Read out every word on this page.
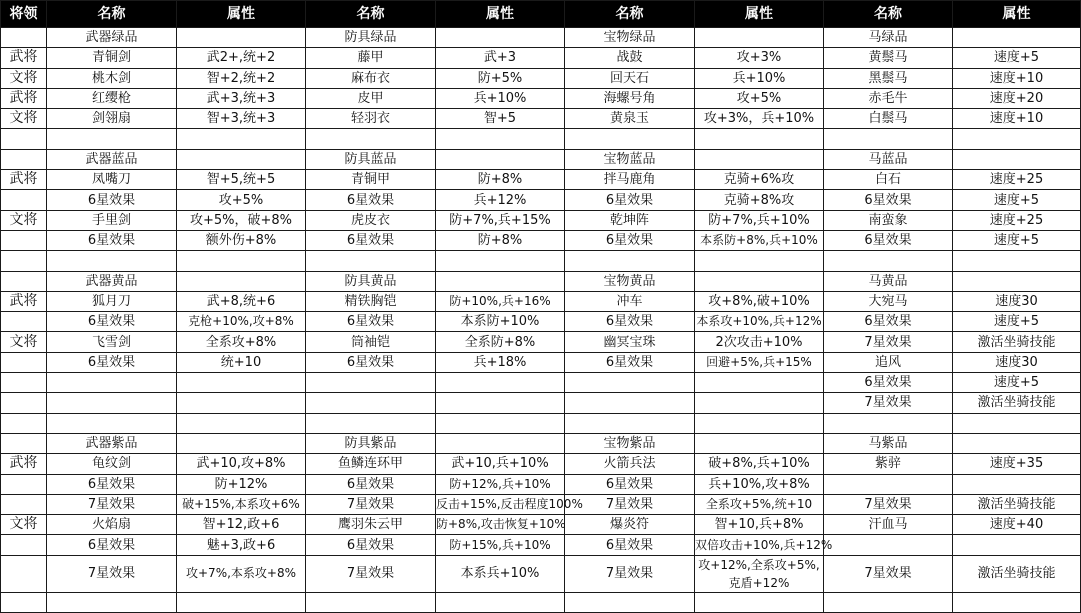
将领	名称	属性	名称	属性	名称	属性	名称	属性
	武器绿品		防具绿品		宝物绿品		马绿品	
武将	青铜剑	武2+,统+2	藤甲	武+3	战鼓	攻+3%	黄鬃马	速度+5
文将	桃木剑	智+2,统+2	麻布衣	防+5%	回天石	兵+10%	黑鬃马	速度+10
武将	红缨枪	武+3,统+3	皮甲	兵+10%	海螺号角	攻+5%	赤毛牛	速度+20
文将	剑翎扇	智+3,统+3	轻羽衣	智+5	黄泉玉	攻+3%，兵+10%	白鬃马	速度+10

	武器蓝品		防具蓝品		宝物蓝品		马蓝品	
武将	凤嘴刀	智+5,统+5	青铜甲	防+8%	拌马鹿角	克骑+6%攻	白石	速度+25
	6星效果	攻+5%	6星效果	兵+12%	6星效果	克骑+8%攻	6星效果	速度+5
文将	手里剑	攻+5%，破+8%	虎皮衣	防+7%,兵+15%	乾坤阵	防+7%,兵+10%	南蛮象	速度+25
	6星效果	额外伤+8%	6星效果	防+8%	6星效果	本系防+8%,兵+10%	6星效果	速度+5

	武器黄品		防具黄品		宝物黄品		马黄品	
武将	狐月刀	武+8,统+6	精铁胸铠	防+10%,兵+16%	冲车	攻+8%,破+10%	大宛马	速度30
	6星效果	克枪+10%,攻+8%	6星效果	本系防+10%	6星效果	本系攻+10%,兵+12%	6星效果	速度+5
文将	飞雪剑	全系攻+8%	筒袖铠	全系防+8%	幽冥宝珠	2次攻击+10%	7星效果	激活坐骑技能
	6星效果	统+10	6星效果	兵+18%	6星效果	回避+5%,兵+15%	追风	速度30
							6星效果	速度+5
							7星效果	激活坐骑技能

	武器紫品		防具紫品		宝物紫品		马紫品	
武将	龟纹剑	武+10,攻+8%	鱼鳞连环甲	武+10,兵+10%	火箭兵法	破+8%,兵+10%	紫骍	速度+35
	6星效果	防+12%	6星效果	防+12%,兵+10%	6星效果	兵+10%,攻+8%		
	7星效果	破+15%,本系攻+6%	7星效果	反击+15%,反击程度100%	7星效果	全系攻+5%,统+10	7星效果	激活坐骑技能
文将	火焰扇	智+12,政+6	鹰羽朱云甲	防+8%,攻击恢复+10%	爆炎符	智+10,兵+8%	汗血马	速度+40
	6星效果	魅+3,政+6	6星效果	防+15%,兵+10%	6星效果	双倍攻击+10%,兵+12%		
	7星效果	攻+7%,本系攻+8%	7星效果	本系兵+10%	7星效果	攻+12%,全系攻+5%,克盾+12%	7星效果	激活坐骑技能
